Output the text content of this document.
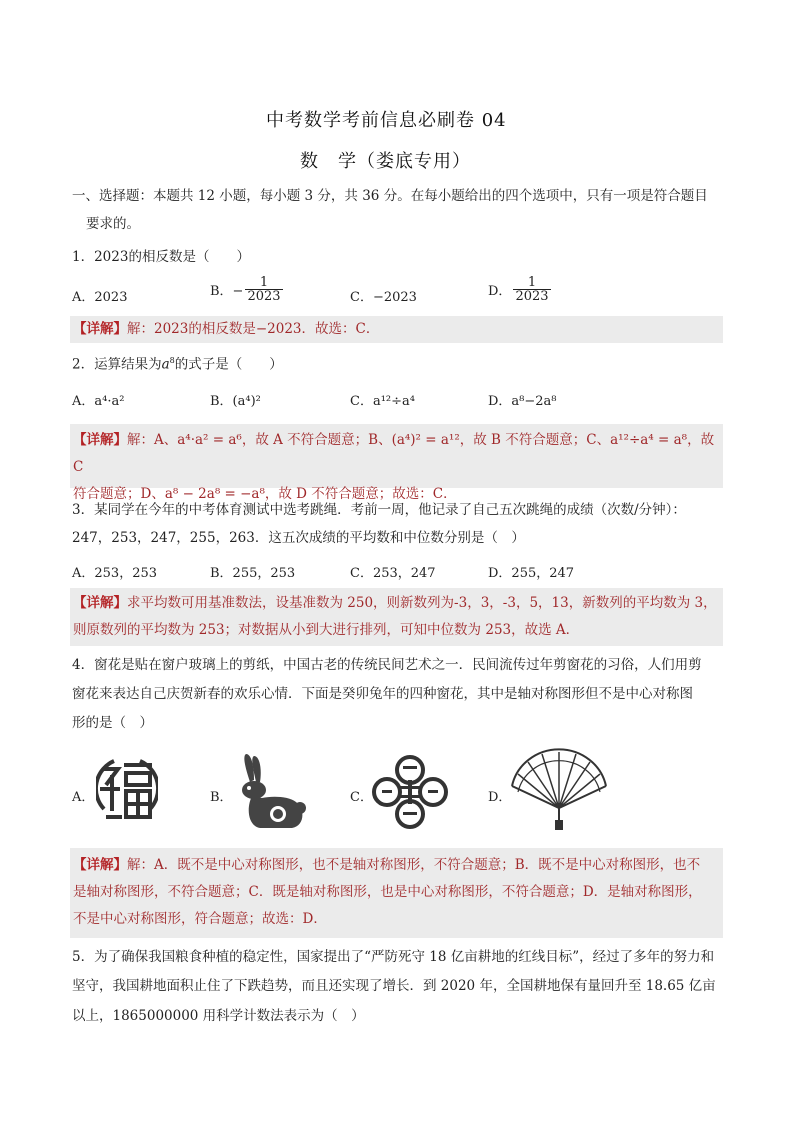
中考数学考前信息必刷卷 04
数　学（娄底专用）
一、选择题：本题共 12 小题，每小题 3 分，共 36 分。在每小题给出的四个选项中，只有一项是符合题目
要求的。
1．2023的相反数是（　　）
A．2023	B．− $\frac{1}{2023}$	C．−2023	D． $\frac{1}{2023}$
【详解】解：2023的相反数是−2023．故选：C．
2．运算结果为$a^8$的式子是（　　）
A．a⁴·a²	B．(a⁴)²	C．a¹²÷a⁴	D．a⁸−2a⁸
【详解】解：A、a⁴·a² = a⁶，故 A 不符合题意；B、(a⁴)² = a¹²，故 B 不符合题意；C、a¹²÷a⁴ = a⁸，故 C
符合题意；D、a⁸ − 2a⁸ = −a⁸，故 D 不符合题意；故选：C．
3．某同学在今年的中考体育测试中选考跳绳．考前一周，他记录了自己五次跳绳的成绩（次数/分钟）：
247，253，247，255，263．这五次成绩的平均数和中位数分别是（　）
A．253，253	B．255，253	C．253，247	D．255，247
【详解】求平均数可用基准数法，设基准数为 250，则新数列为-3，3，-3，5，13，新数列的平均数为 3，
则原数列的平均数为 253；对数据从小到大进行排列，可知中位数为 253，故选 A．
4．窗花是贴在窗户玻璃上的剪纸，中国古老的传统民间艺术之一．民间流传过年剪窗花的习俗，人们用剪
窗花来表达自己庆贺新春的欢乐心情．下面是癸卯兔年的四种窗花，其中是轴对称图形但不是中心对称图
形的是（　）
A．	B．	C．	D．
【详解】解：A．既不是中心对称图形，也不是轴对称图形，不符合题意；B．既不是中心对称图形，也不
是轴对称图形，不符合题意；C．既是轴对称图形，也是中心对称图形，不符合题意；D．是轴对称图形，
不是中心对称图形，符合题意；故选：D．
5．为了确保我国粮食种植的稳定性，国家提出了“严防死守 18 亿亩耕地的红线目标”，经过了多年的努力和
坚守，我国耕地面积止住了下跌趋势，而且还实现了增长．到 2020 年，全国耕地保有量回升至 18.65 亿亩
以上，1865000000 用科学计数法表示为（　）
